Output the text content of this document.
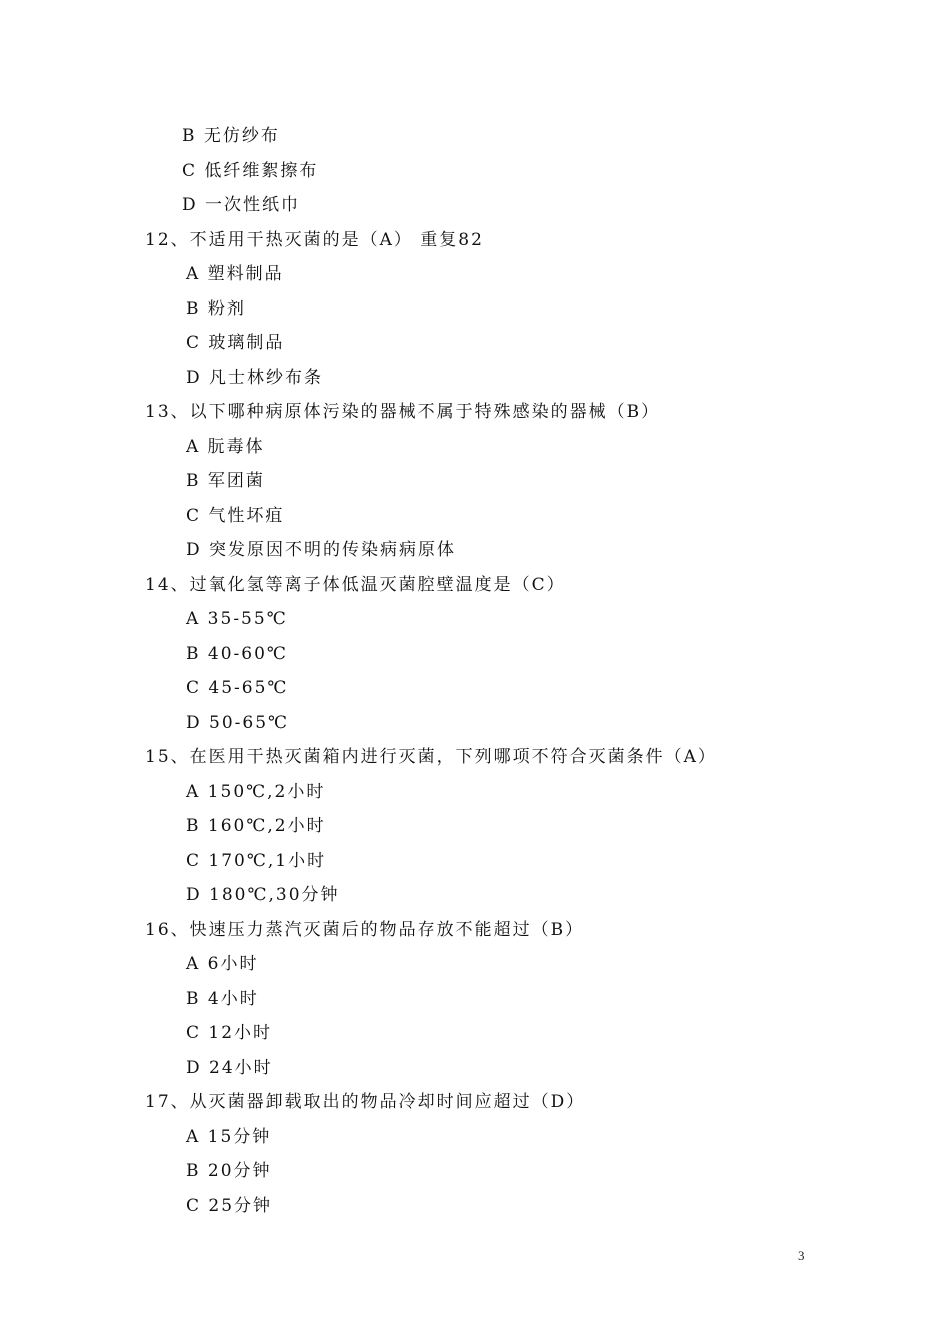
B 无仿纱布
C 低纤维絮擦布
D 一次性纸巾
12、不适用干热灭菌的是（A） 重复82
A 塑料制品
B 粉剂
C 玻璃制品
D 凡士林纱布条
13、以下哪种病原体污染的器械不属于特殊感染的器械（B）
A 朊毒体
B 军团菌
C 气性坏疽
D 突发原因不明的传染病病原体
14、过氧化氢等离子体低温灭菌腔壁温度是（C）
A 35-55℃
B 40-60℃
C 45-65℃
D 50-65℃
15、在医用干热灭菌箱内进行灭菌，下列哪项不符合灭菌条件（A）
A 150℃,2小时
B 160℃,2小时
C 170℃,1小时
D 180℃,30分钟
16、快速压力蒸汽灭菌后的物品存放不能超过（B）
A 6小时
B 4小时
C 12小时
D 24小时
17、从灭菌器卸载取出的物品冷却时间应超过（D）
A 15分钟
B 20分钟
C 25分钟
3
